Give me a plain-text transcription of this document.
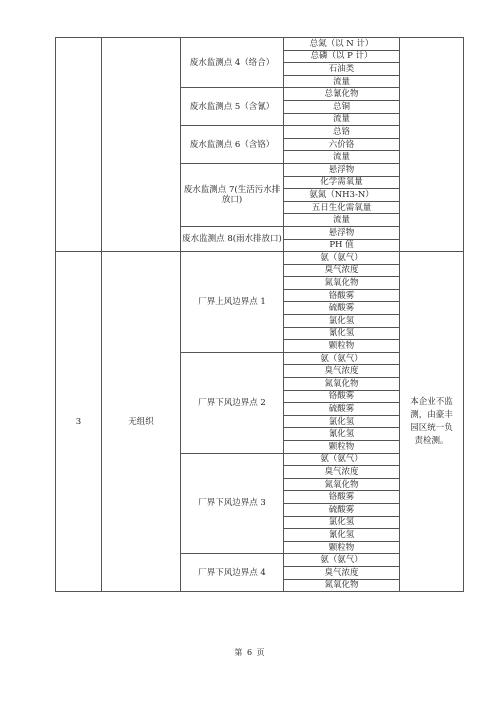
		废水监测点 4（络合）	总氮（以 N 计）	
			总磷（以 P 计）	
			石油类	
			流量	
		废水监测点 5（含氰）	总氰化物	
			总铜	
			流量	
		废水监测点 6（含铬）	总铬	
			六价铬	
			流量	
		废水监测点 7(生活污水排放口)	悬浮物	
			化学需氧量	
			氨氮（NH3-N）	
			五日生化需氧量	
			流量	
		废水监测点 8(雨水排放口)	悬浮物	
			PH 值	
3	无组织	厂界上风边界点 1	氨（氨气）	本企业不监测，由豪丰园区统一负责检测。
			臭气浓度	
			氮氧化物	
			铬酸雾	
			硫酸雾	
			氯化氢	
			氰化氢	
			颗粒物	
		厂界下风边界点 2	氨（氨气）	
			臭气浓度	
			氮氧化物	
			铬酸雾	
			硫酸雾	
			氯化氢	
			氰化氢	
			颗粒物	
		厂界下风边界点 3	氨（氨气）	
			臭气浓度	
			氮氧化物	
			铬酸雾	
			硫酸雾	
			氯化氢	
			氰化氢	
			颗粒物	
		厂界下风边界点 4	氨（氨气）	
			臭气浓度	
			氮氧化物	
第 6 页
